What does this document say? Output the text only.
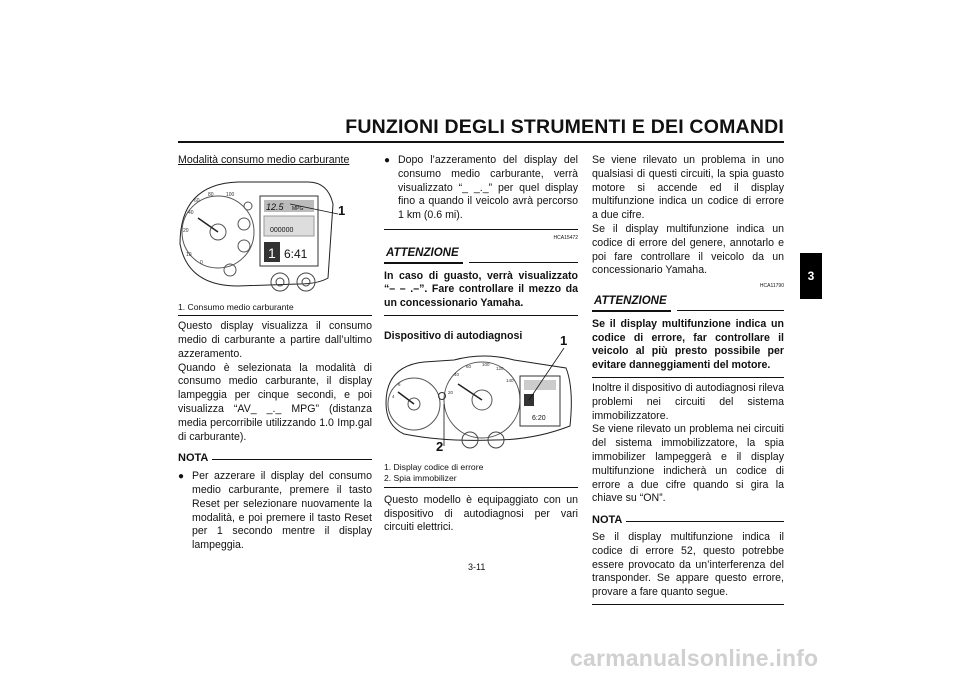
FUNZIONI DEGLI STRUMENTI E DEI COMANDI
3

Modalità consumo medio carburante

40
60
80 100
20
10
0
12.5 MPG
000000
1 6:41
1

1. Consumo medio carburante

Questo display visualizza il consumo medio di carburante a partire dall’ultimo azzeramento.

Quando è selezionata la modalità di consumo medio carburante, il display lampeggia per cinque secondi, e poi visualizza “AV_ _._ MPG” (distanza media percorribile utilizzando 1.0 Imp.gal di carburante).

NOTA
● Per azzerare il display del consumo medio carburante, premere il tasto Reset per selezionare nuovamente la modalità, e poi premere il tasto Reset per 1 secondo mentre il display lampeggia.
● Dopo l’azzeramento del display del consumo medio carburante, verrà visualizzato “_ _._” per quel display fino a quando il veicolo avrà percorso 1 km (0.6 mi).
HCA15472
ATTENZIONE

In caso di guasto, verrà visualizzato “– – .–”. Fare controllare il mezzo da un concessionario Yamaha.

Dispositivo di autodiagnosi

40
60 100
120
140
20
4
6
6:20
1
2

1. Display codice di errore

2. Spia immobilizer

Questo modello è equipaggiato con un dispositivo di autodiagnosi per vari circuiti elettrici.

Se viene rilevato un problema in uno qualsiasi di questi circuiti, la spia guasto motore si accende ed il display multifunzione indica un codice di errore a due cifre.

Se il display multifunzione indica un codice di errore del genere, annotarlo e poi fare controllare il veicolo da un concessionario Yamaha.

HCA11790
ATTENZIONE

Se il display multifunzione indica un codice di errore, far controllare il veicolo al più presto possibile per evitare danneggiamenti del motore.

Inoltre il dispositivo di autodiagnosi rileva problemi nei circuiti del sistema immobilizzatore.

Se viene rilevato un problema nei circuiti del sistema immobilizzatore, la spia immobilizer lampeggerà e il display multifunzione indicherà un codice di errore a due cifre quando si gira la chiave su “ON”.

NOTA

Se il display multifunzione indica il codice di errore 52, questo potrebbe essere provocato da un’interferenza del transponder. Se appare questo errore, provare a fare quanto segue.

3-11
carmanualsonline.info
